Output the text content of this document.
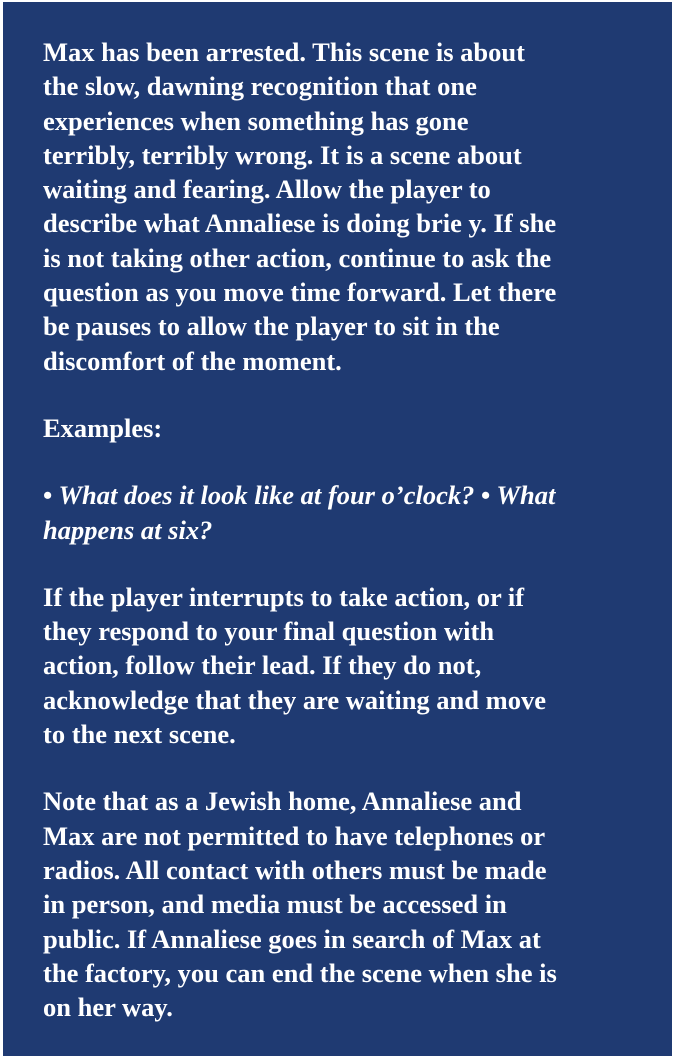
Max has been arrested. This scene is about
the slow, dawning recognition that one
experiences when something has gone
terribly, terribly wrong. It is a scene about
waiting and fearing. Allow the player to
describe what Annaliese is doing brie y. If she
is not taking other action, continue to ask the
question as you move time forward. Let there
be pauses to allow the player to sit in the
discomfort of the moment.

Examples:

• What does it look like at four o’clock? • What
happens at six?

If the player interrupts to take action, or if
they respond to your final question with
action, follow their lead. If they do not,
acknowledge that they are waiting and move
to the next scene.

Note that as a Jewish home, Annaliese and
Max are not permitted to have telephones or
radios. All contact with others must be made
in person, and media must be accessed in
public. If Annaliese goes in search of Max at
the factory, you can end the scene when she is
on her way.
